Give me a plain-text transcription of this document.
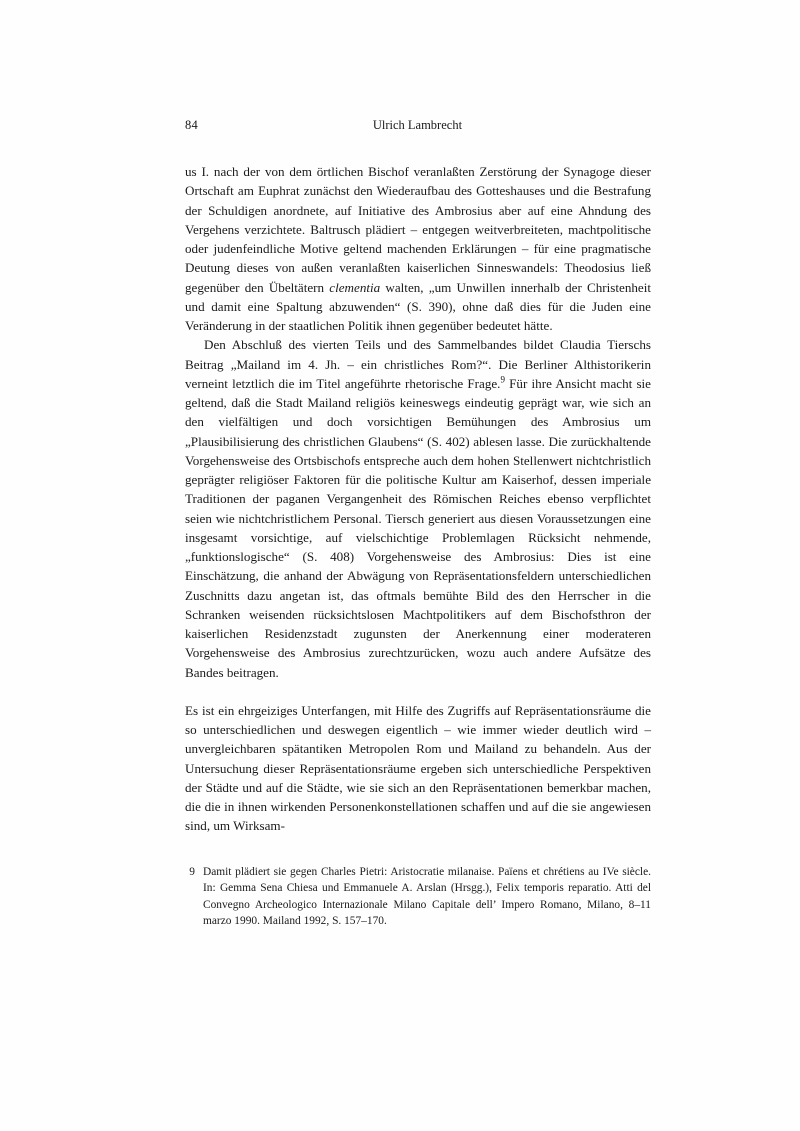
84	Ulrich Lambrecht

us I. nach der von dem örtlichen Bischof veranlaßten Zerstörung der Synagoge dieser Ortschaft am Euphrat zunächst den Wiederaufbau des Gotteshauses und die Bestrafung der Schuldigen anordnete, auf Initiative des Ambrosius aber auf eine Ahndung des Vergehens verzichtete. Baltrusch plädiert – entgegen weitverbreiteten, machtpolitische oder judenfeindliche Motive geltend machenden Erklärungen – für eine pragmatische Deutung dieses von außen veranlaßten kaiserlichen Sinneswandels: Theodosius ließ gegenüber den Übeltätern clementia walten, „um Unwillen innerhalb der Christenheit und damit eine Spaltung abzuwenden“ (S. 390), ohne daß dies für die Juden eine Veränderung in der staatlichen Politik ihnen gegenüber bedeutet hätte.

Den Abschluß des vierten Teils und des Sammelbandes bildet Claudia Tierschs Beitrag „Mailand im 4. Jh. – ein christliches Rom?“. Die Berliner Althistorikerin verneint letztlich die im Titel angeführte rhetorische Frage.$^9$ Für ihre Ansicht macht sie geltend, daß die Stadt Mailand religiös keineswegs eindeutig geprägt war, wie sich an den vielfältigen und doch vorsichtigen Bemühungen des Ambrosius um „Plausibilisierung des christlichen Glaubens“ (S. 402) ablesen lasse. Die zurückhaltende Vorgehensweise des Ortsbischofs entspreche auch dem hohen Stellenwert nichtchristlich geprägter religiöser Faktoren für die politische Kultur am Kaiserhof, dessen imperiale Traditionen der paganen Vergangenheit des Römischen Reiches ebenso verpflichtet seien wie nichtchristlichem Personal. Tiersch generiert aus diesen Voraussetzungen eine insgesamt vorsichtige, auf vielschichtige Problemlagen Rücksicht nehmende, „funktionslogische“ (S. 408) Vorgehensweise des Ambrosius: Dies ist eine Einschätzung, die anhand der Abwägung von Repräsentationsfeldern unterschiedlichen Zuschnitts dazu angetan ist, das oftmals bemühte Bild des den Herrscher in die Schranken weisenden rücksichtslosen Machtpolitikers auf dem Bischofsthron der kaiserlichen Residenzstadt zugunsten der Anerkennung einer moderateren Vorgehensweise des Ambrosius zurechtzurücken, wozu auch andere Aufsätze des Bandes beitragen.

Es ist ein ehrgeiziges Unterfangen, mit Hilfe des Zugriffs auf Repräsentationsräume die so unterschiedlichen und deswegen eigentlich – wie immer wieder deutlich wird – unvergleichbaren spätantiken Metropolen Rom und Mailand zu behandeln. Aus der Untersuchung dieser Repräsentationsräume ergeben sich unterschiedliche Perspektiven der Städte und auf die Städte, wie sie sich an den Repräsentationen bemerkbar machen, die die in ihnen wirkenden Personenkonstellationen schaffen und auf die sie angewiesen sind, um Wirksam-

9 Damit plädiert sie gegen Charles Pietri: Aristocratie milanaise. Païens et chrétiens au IVe siècle. In: Gemma Sena Chiesa und Emmanuele A. Arslan (Hrsgg.), Felix temporis reparatio. Atti del Convegno Archeologico Internazionale Milano Capitale dell’ Impero Romano, Milano, 8–11 marzo 1990. Mailand 1992, S. 157–170.
